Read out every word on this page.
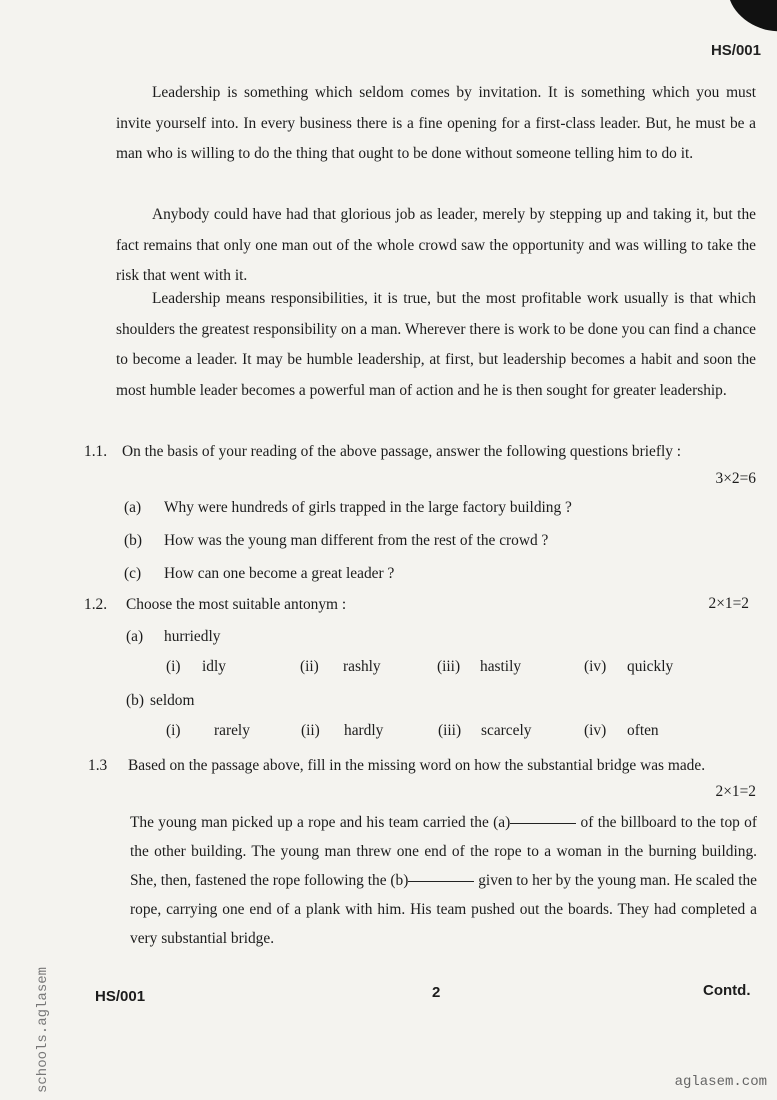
HS/001

Leadership is something which seldom comes by invitation. It is something which you must invite yourself into. In every business there is a fine opening for a first-class leader. But, he must be a man who is willing to do the thing that ought to be done without someone telling him to do it.

Anybody could have had that glorious job as leader, merely by stepping up and taking it, but the fact remains that only one man out of the whole crowd saw the opportunity and was willing to take the risk that went with it.

Leadership means responsibilities, it is true, but the most profitable work usually is that which shoulders the greatest responsibility on a man. Wherever there is work to be done you can find a chance to become a leader. It may be humble leadership, at first, but leadership becomes a habit and soon the most humble leader becomes a powerful man of action and he is then sought for greater leadership.

1.1. On the basis of your reading of the above passage, answer the following questions briefly :
3×2=6
(a) Why were hundreds of girls trapped in the large factory building ?
(b) How was the young man different from the rest of the crowd ?
(c) How can one become a great leader ?
1.2. Choose the most suitable antonym :	2×1=2
(a) hurriedly
(i) idly	(ii) rashly	(iii) hastily	(iv) quickly
(b) seldom
(i) rarely	(ii) hardly	(iii) scarcely	(iv) often
1.3 Based on the passage above, fill in the missing word on how the substantial bridge was made.
2×1=2

The young man picked up a rope and his team carried the (a)	of the billboard to the top of the other building. The young man threw one end of the rope to a woman in the burning building. She, then, fastened the rope following the (b)	given to her by the young man. He scaled the rope, carrying one end of a plank with him. His team pushed out the boards. They had completed a very substantial bridge.

HS/001	2	Contd.
schools.aglasem	aglasem.com
